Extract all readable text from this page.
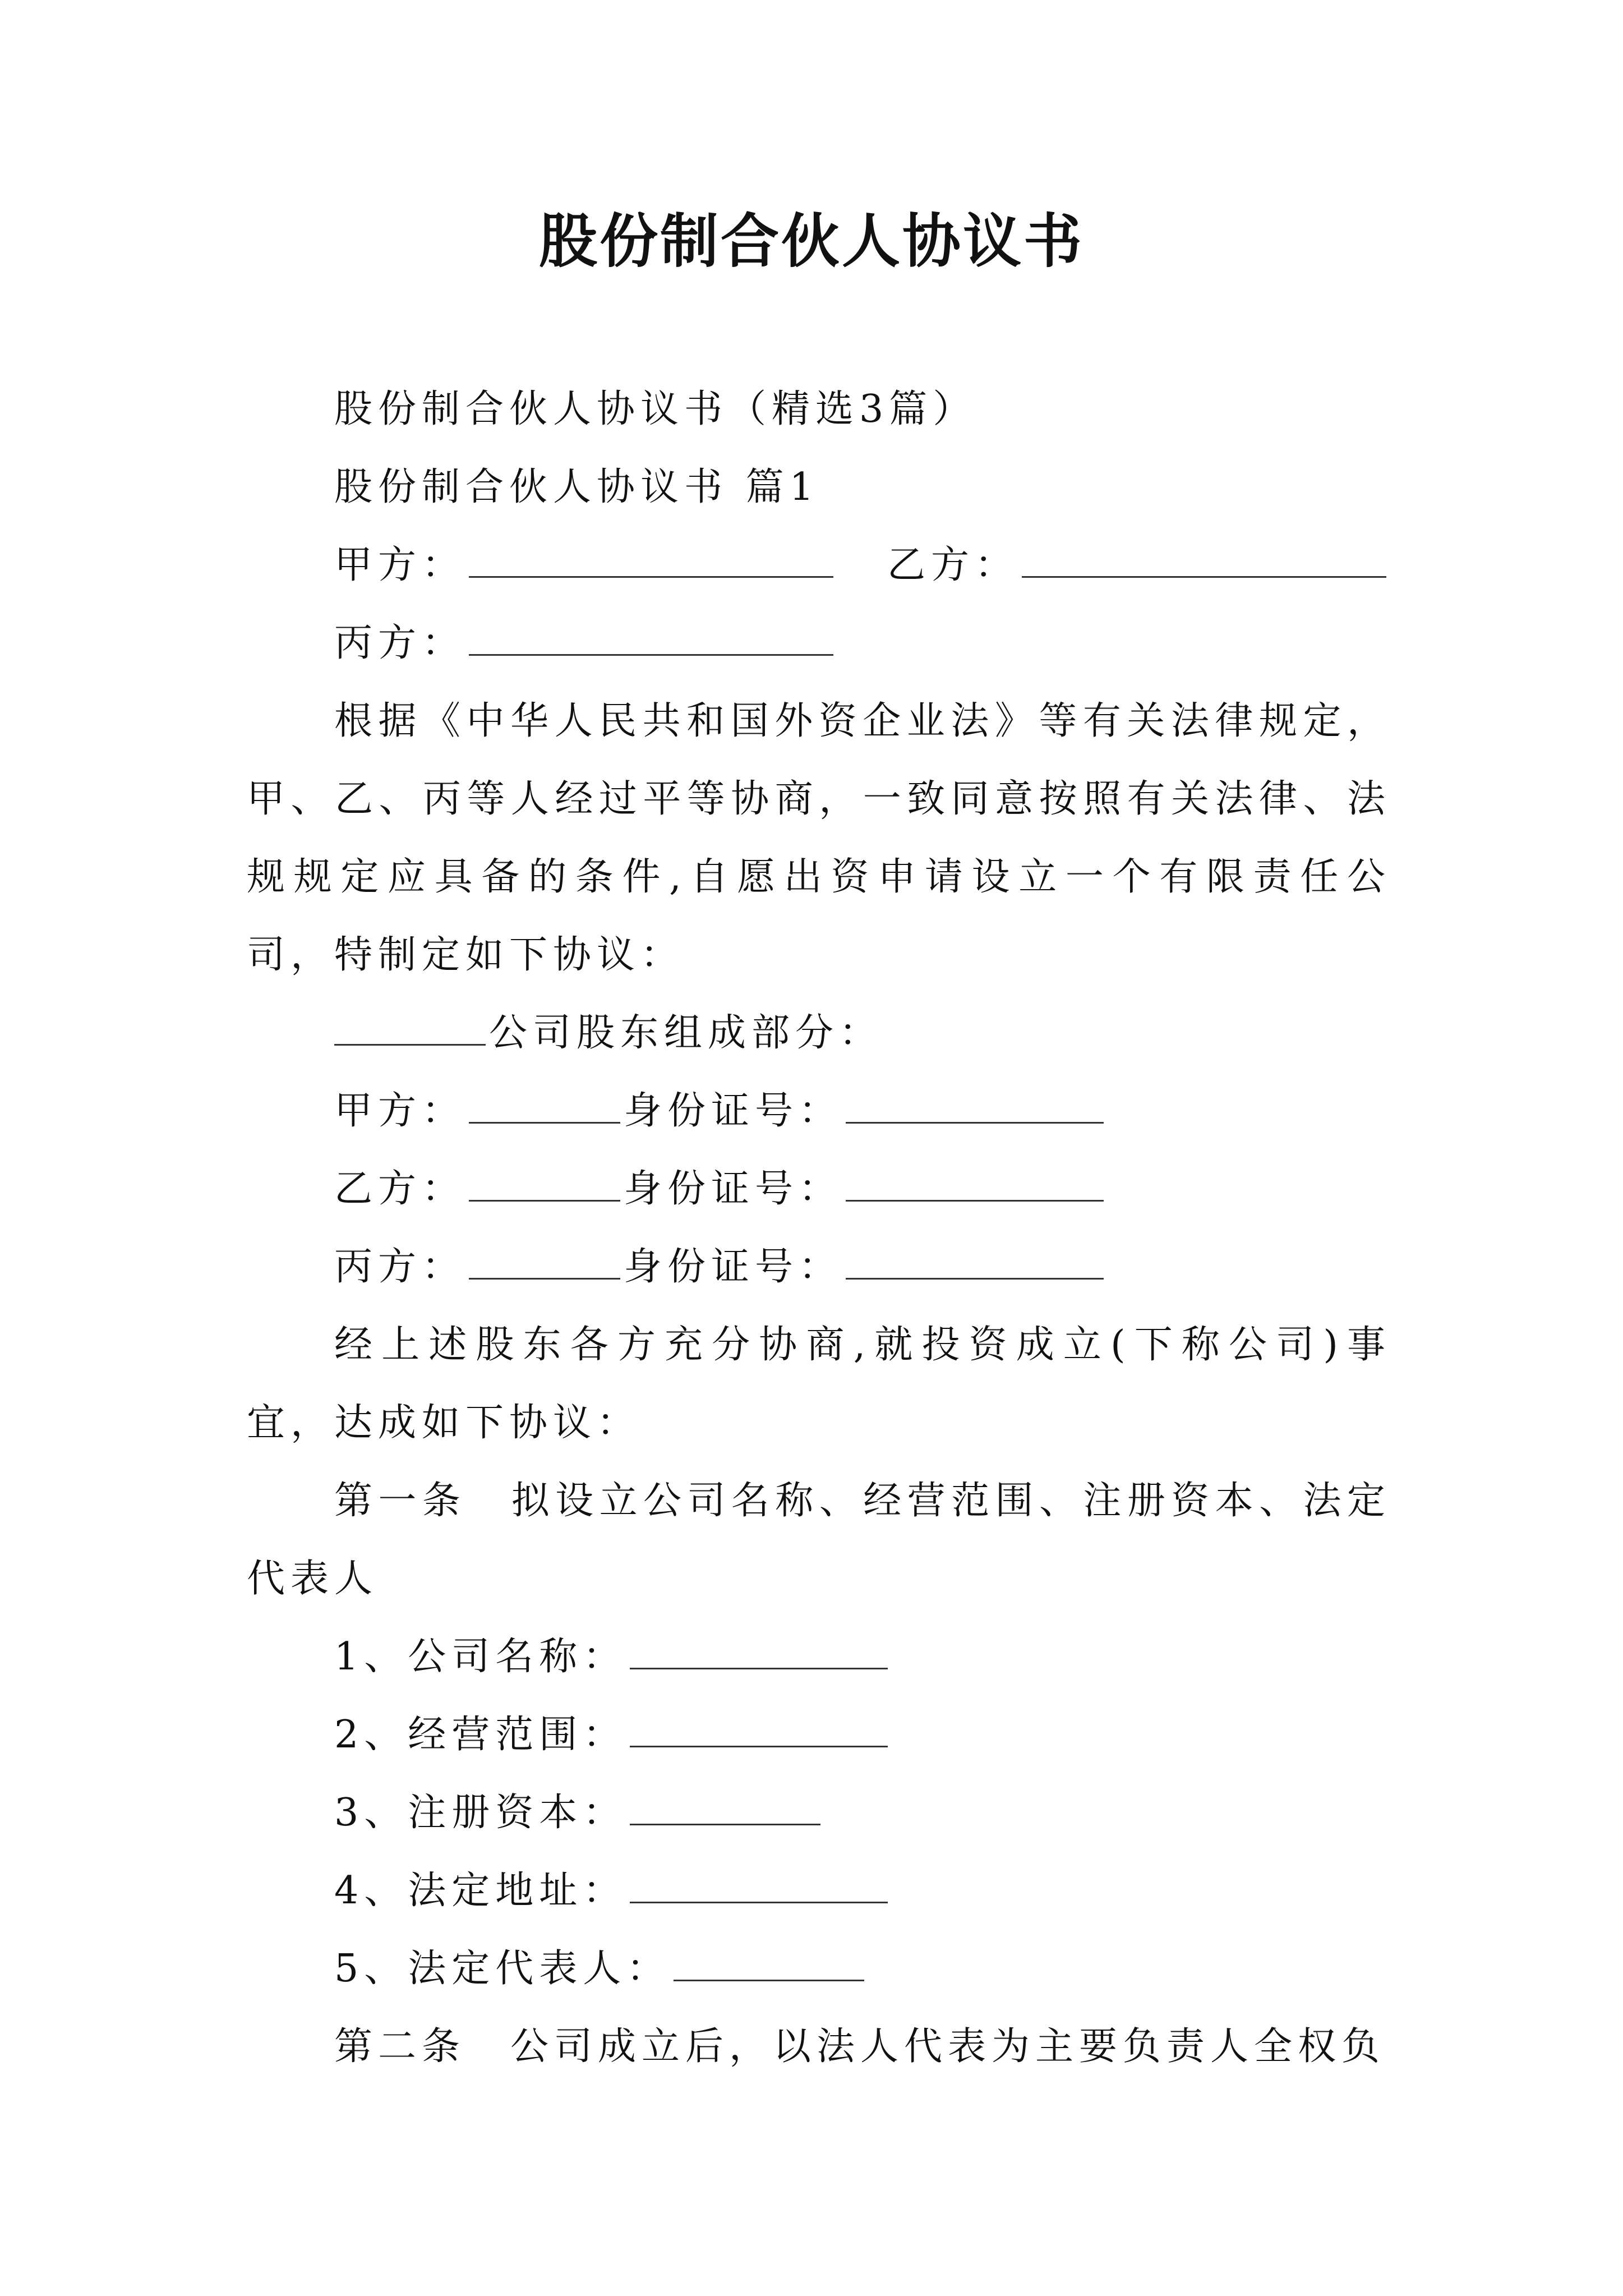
股份制合伙人协议书

股份制合伙人协议书（精选3篇）

股份制合伙人协议书 篇1

甲方：	乙方：

丙方：

根据《中华人民共和国外资企业法》等有关法律规定，甲、乙、丙等人经过平等协商，一致同意按照有关法律、法规规定应具备的条件,自愿出资申请设立一个有限责任公司，特制定如下协议：

公司股东组成部分：

甲方：	身份证号：

乙方：	身份证号：

丙方：	身份证号：

经上述股东各方充分协商,就投资成立(下称公司)事宜，达成如下协议：

第一条 拟设立公司名称、经营范围、注册资本、法定代表人

1、公司名称：

2、经营范围：

3、注册资本：

4、法定地址：

5、法定代表人：

第二条 公司成立后，以法人代表为主要负责人全权负
